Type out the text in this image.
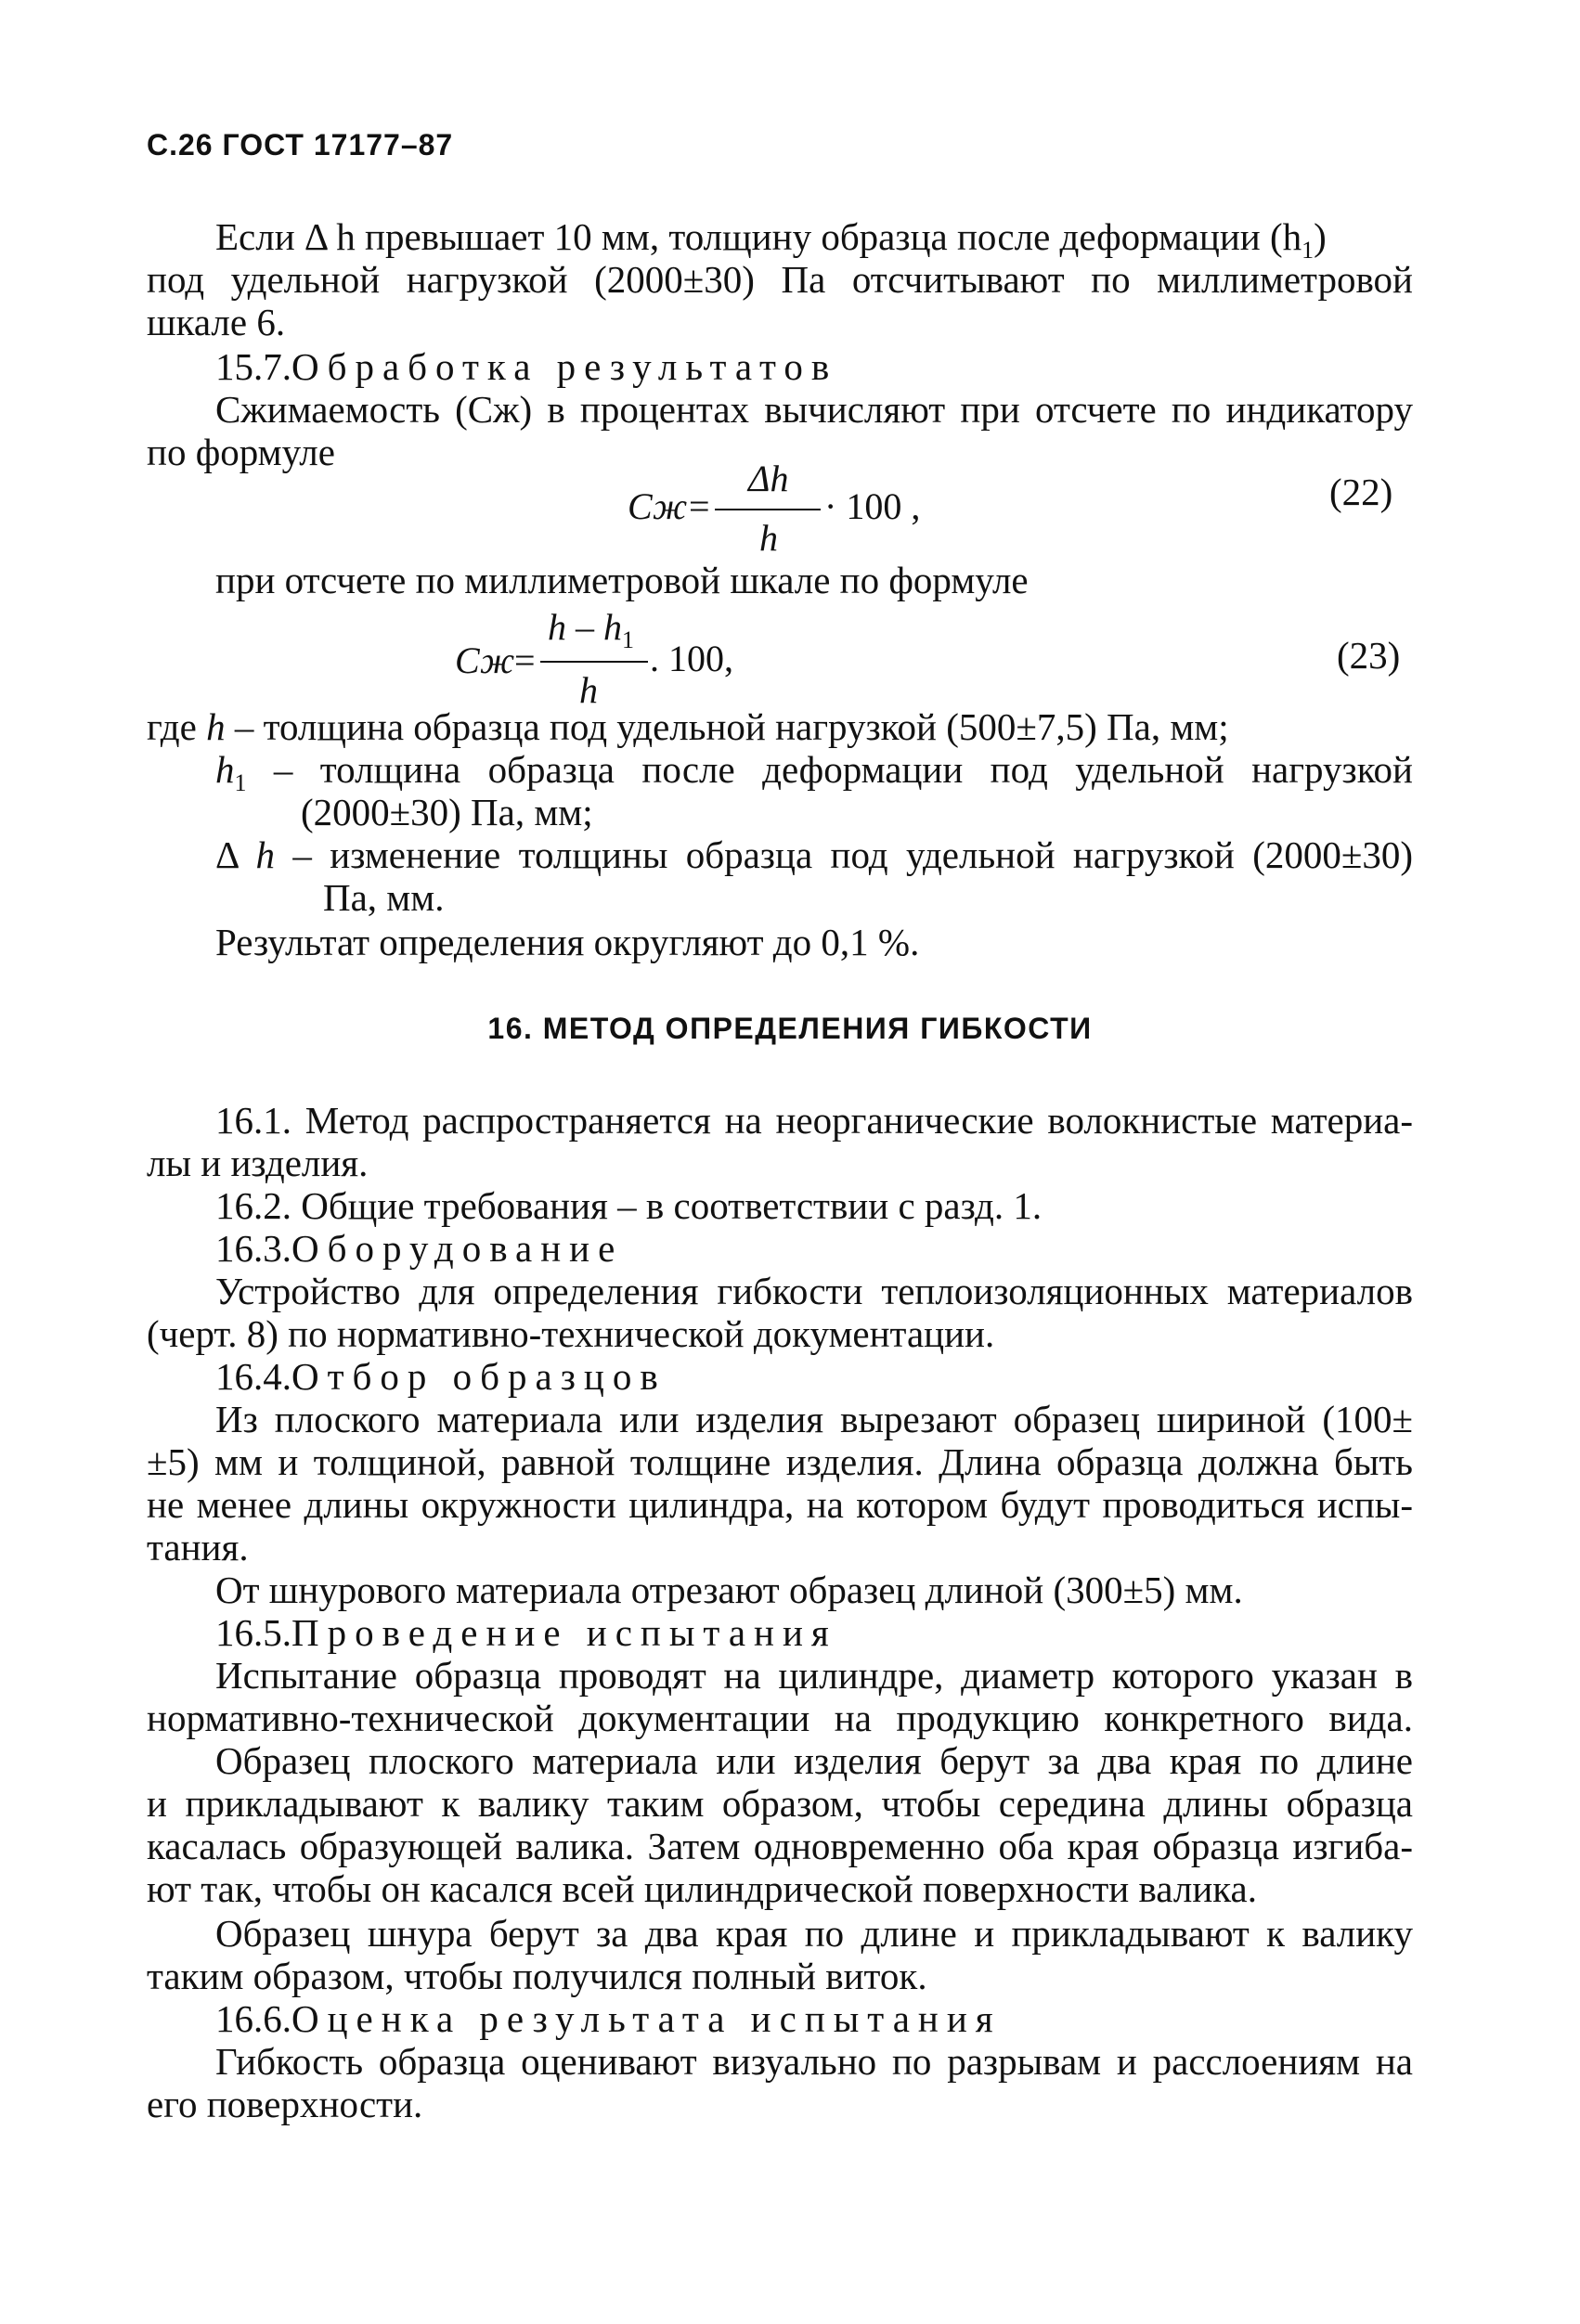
С.26 ГОСТ 17177–87
Если Δ h превышает 10 мм, толщину образца после деформации $(h_1)$
под удельной нагрузкой (2000±30) Па отсчитывают по миллиметровой
шкале 6.
15.7.Обработка результатов
Сжимаемость (Сж) в процентах вычисляют при отсчете по индикатору
по формуле
Сж =
Δh
h
· 100 ,	(22)
при отсчете по миллиметровой шкале по формуле
Сж =
h – $h_1$
h
. 100,	(23)
где h – толщина образца под удельной нагрузкой (500±7,5) Па, мм;
$h_1$ – толщина образца после деформации под удельной нагрузкой
(2000±30) Па, мм;
Δ h – изменение толщины образца под удельной нагрузкой (2000±30)
Па, мм.
Результат определения округляют до 0,1 %.
16. МЕТОД ОПРЕДЕЛЕНИЯ ГИБКОСТИ
16.1. Метод распространяется на неорганические волокнистые материа-
лы и изделия.
16.2. Общие требования – в соответствии с разд. 1.
16.3.Оборудование
Устройство для определения гибкости теплоизоляционных материалов
(черт. 8) по нормативно-технической документации.
16.4.Отбор образцов
Из плоского материала или изделия вырезают образец шириной (100±
±5) мм и толщиной, равной толщине изделия. Длина образца должна быть
не менее длины окружности цилиндра, на котором будут проводиться испы-
тания.
От шнурового материала отрезают образец длиной (300±5) мм.
16.5.Проведение испытания
Испытание образца проводят на цилиндре, диаметр которого указан в
нормативно-технической документации на продукцию конкретного вида.
Образец плоского материала или изделия берут за два края по длине
и прикладывают к валику таким образом, чтобы середина длины образца
касалась образующей валика. Затем одновременно оба края образца изгиба-
ют так, чтобы он касался всей цилиндрической поверхности валика.
Образец шнура берут за два края по длине и прикладывают к валику
таким образом, чтобы получился полный виток.
16.6.Оценка результата испытания
Гибкость образца оценивают визуально по разрывам и расслоениям на
его поверхности.
